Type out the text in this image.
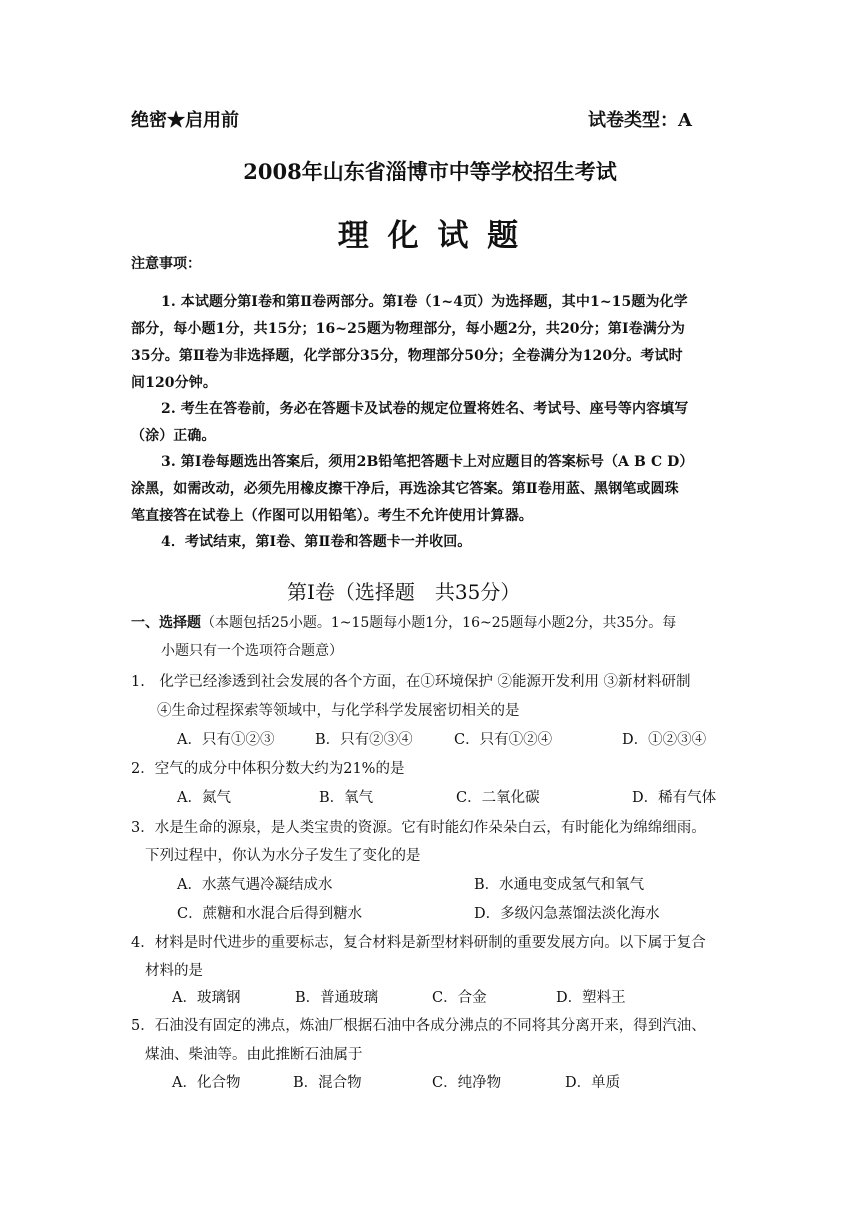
绝密★启用前	试卷类型：A
2008年山东省淄博市中等学校招生考试
理 化 试 题
注意事项：
1. 本试题分第Ⅰ卷和第Ⅱ卷两部分。第Ⅰ卷（1~4页）为选择题，其中1~15题为化学
部分，每小题1分，共15分；16~25题为物理部分，每小题2分，共20分；第Ⅰ卷满分为
35分。第Ⅱ卷为非选择题，化学部分35分，物理部分50分；全卷满分为120分。考试时
间120分钟。
2. 考生在答卷前，务必在答题卡及试卷的规定位置将姓名、考试号、座号等内容填写
（涂）正确。
3. 第Ⅰ卷每题选出答案后，须用2B铅笔把答题卡上对应题目的答案标号（A B C D）
涂黑，如需改动，必须先用橡皮擦干净后，再选涂其它答案。第Ⅱ卷用蓝、黑钢笔或圆珠
笔直接答在试卷上（作图可以用铅笔）。考生不允许使用计算器。
4．考试结束，第Ⅰ卷、第Ⅱ卷和答题卡一并收回。
第Ⅰ卷（选择题　共35分）
一、选择题（本题包括25小题。1~15题每小题1分，16~25题每小题2分，共35分。每
小题只有一个选项符合题意）
1.　化学已经渗透到社会发展的各个方面，在①环境保护 ②能源开发利用 ③新材料研制
④生命过程探索等领域中，与化学科学发展密切相关的是
A．只有①②③	B．只有②③④	C．只有①②④	D．①②③④
2．空气的成分中体积分数大约为21%的是
A．氮气	B．氧气	C．二氧化碳	D．稀有气体
3．水是生命的源泉，是人类宝贵的资源。它有时能幻作朵朵白云，有时能化为绵绵细雨。
下列过程中，你认为水分子发生了变化的是
A．水蒸气遇冷凝结成水	B．水通电变成氢气和氧气
C．蔗糖和水混合后得到糖水	D．多级闪急蒸馏法淡化海水
4．材料是时代进步的重要标志，复合材料是新型材料研制的重要发展方向。以下属于复合
材料的是
A．玻璃钢	B．普通玻璃	C．合金	D．塑料王
5．石油没有固定的沸点，炼油厂根据石油中各成分沸点的不同将其分离开来，得到汽油、
煤油、柴油等。由此推断石油属于
A．化合物	B．混合物	C．纯净物	D．单质
